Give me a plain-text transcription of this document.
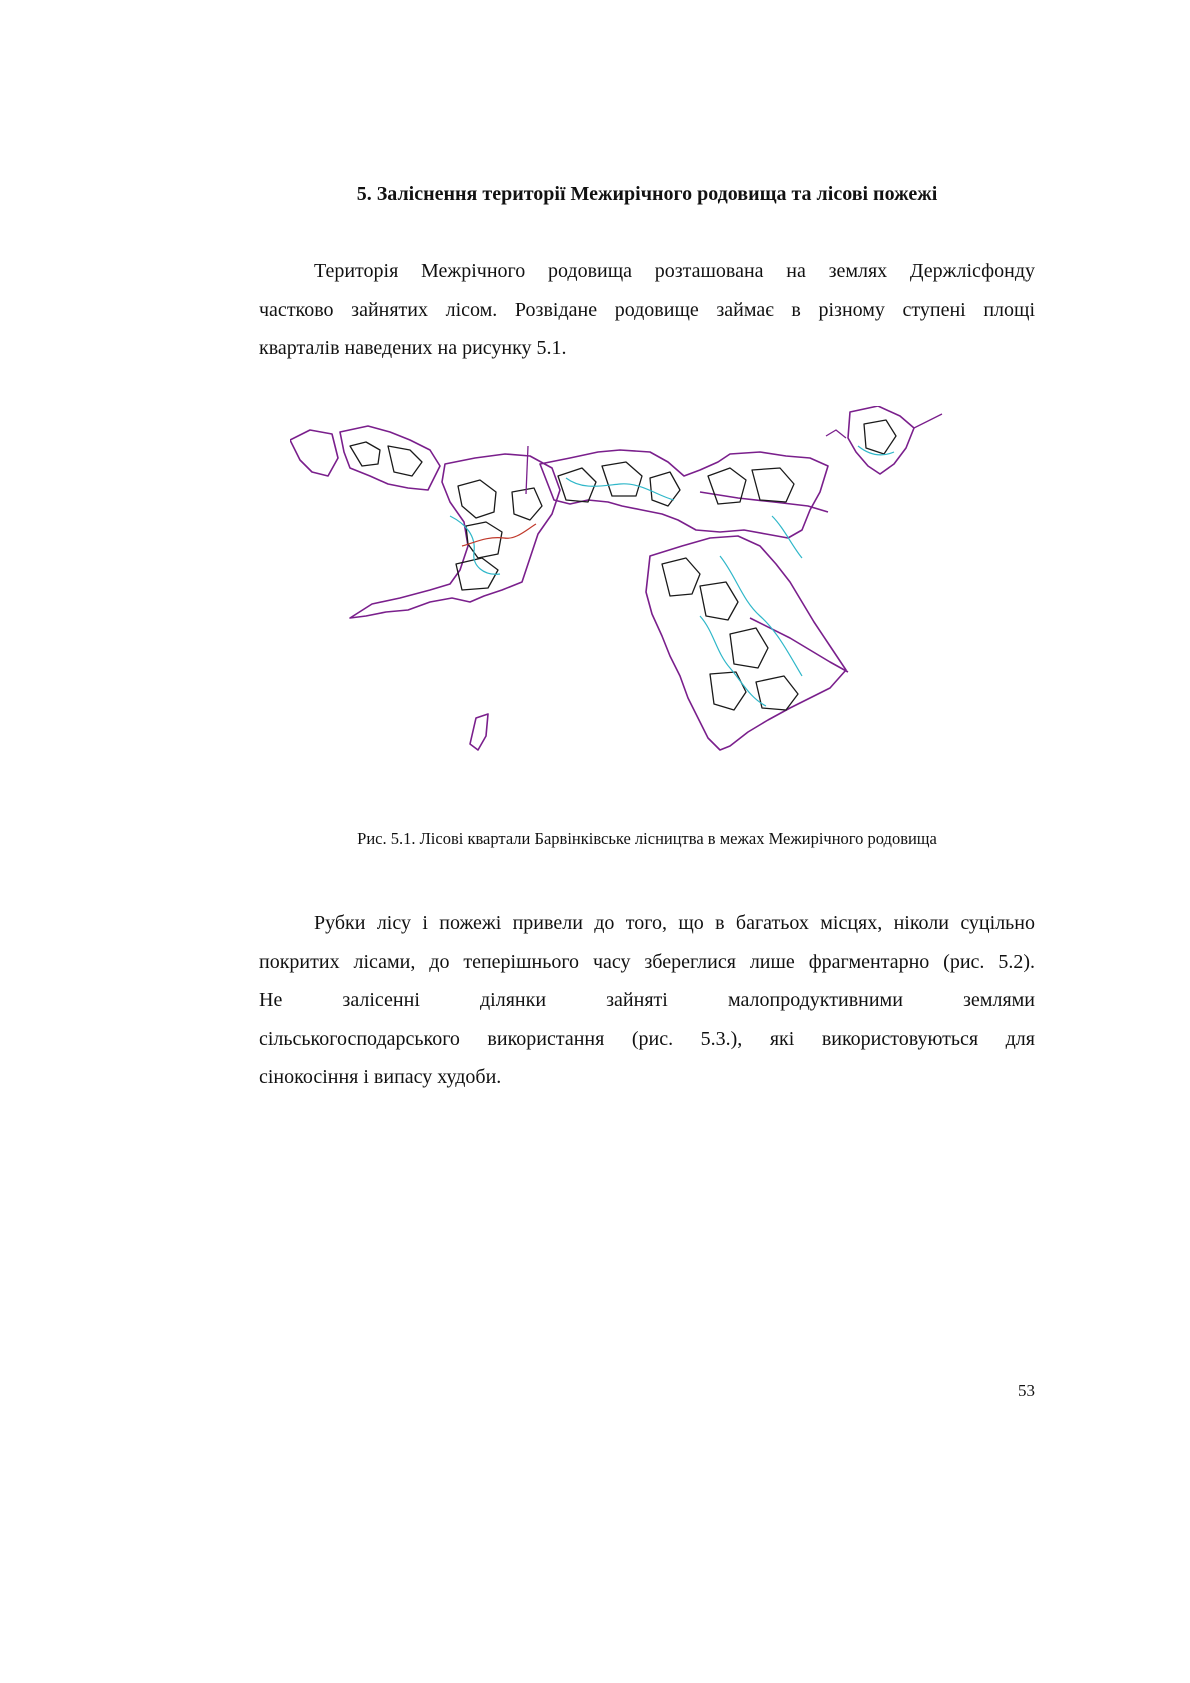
5. Заліснення території Межирічного родовища та лісові пожежі
Територія Межрічного родовища розташована на землях Держлісфонду
частково зайнятих лісом. Розвідане родовище займає в різному ступені площі
кварталів наведених на рисунку 5.1.

Рис. 5.1. Лісові квартали Барвінківське лісництва в межах Межирічного родовища

Рубки лісу і пожежі привели до того, що в багатьох місцях, ніколи суцільно
покритих лісами, до теперішнього часу збереглися лише фрагментарно (рис. 5.2).
Не залісенні ділянки зайняті малопродуктивними землями
сільськогосподарського використання (рис. 5.3.), які використовуються для
сінокосіння і випасу худоби.
53
